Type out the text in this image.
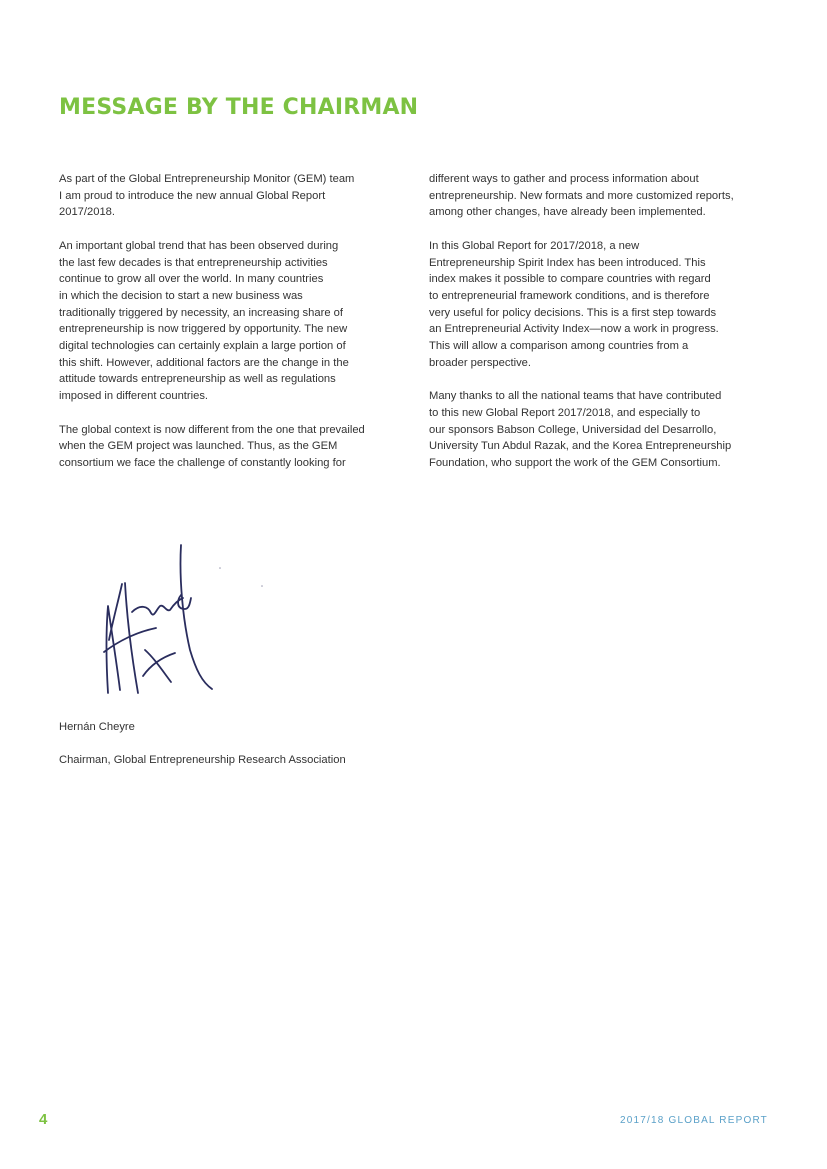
MESSAGE BY THE CHAIRMAN

As part of the Global Entrepreneurship Monitor (GEM) team
I am proud to introduce the new annual Global Report
2017/2018.

An important global trend that has been observed during
the last few decades is that entrepreneurship activities
continue to grow all over the world. In many countries
in which the decision to start a new business was
traditionally triggered by necessity, an increasing share of
entrepreneurship is now triggered by opportunity. The new
digital technologies can certainly explain a large portion of
this shift. However, additional factors are the change in the
attitude towards entrepreneurship as well as regulations
imposed in different countries.

The global context is now different from the one that prevailed
when the GEM project was launched. Thus, as the GEM
consortium we face the challenge of constantly looking for

different ways to gather and process information about
entrepreneurship. New formats and more customized reports,
among other changes, have already been implemented.

In this Global Report for 2017/2018, a new
Entrepreneurship Spirit Index has been introduced. This
index makes it possible to compare countries with regard
to entrepreneurial framework conditions, and is therefore
very useful for policy decisions. This is a first step towards
an Entrepreneurial Activity Index—now a work in progress.
This will allow a comparison among countries from a
broader perspective.

Many thanks to all the national teams that have contributed
to this new Global Report 2017/2018, and especially to
our sponsors Babson College, Universidad del Desarrollo,
University Tun Abdul Razak, and the Korea Entrepreneurship
Foundation, who support the work of the GEM Consortium.

Hernán Cheyre
Chairman, Global Entrepreneurship Research Association
4	2017/18 GLOBAL REPORT
